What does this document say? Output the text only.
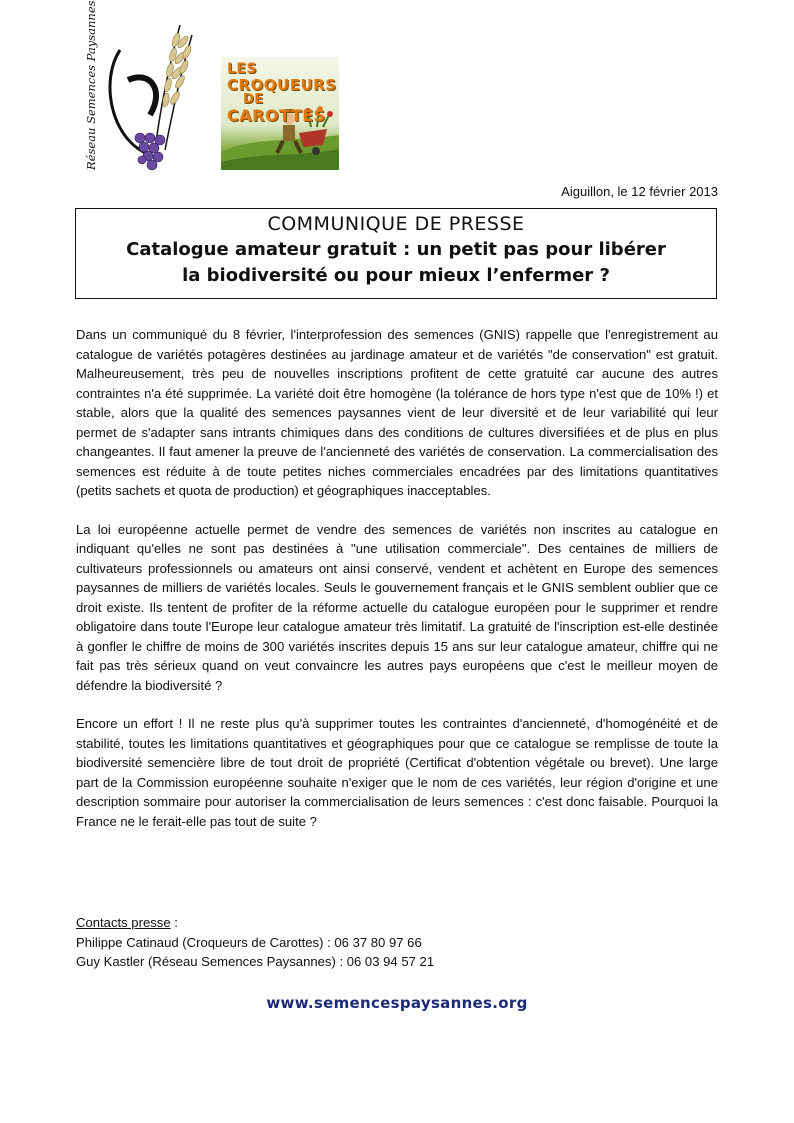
Réseau Semences Paysannes	LES
CROQUEURS
DE
CAROTTES
Aiguillon, le 12 février 2013
COMMUNIQUE DE PRESSE
Catalogue amateur gratuit : un petit pas pour libérer la biodiversité ou pour mieux l’enfermer ?

Dans un communiqué du 8 février, l'interprofession des semences (GNIS) rappelle que l'enregistrement au catalogue de variétés potagères destinées au jardinage amateur et de variétés "de conservation" est gratuit. Malheureusement, très peu de nouvelles inscriptions profitent de cette gratuité car aucune des autres contraintes n'a été supprimée. La variété doit être homogène (la tolérance de hors type n'est que de 10% !) et stable, alors que la qualité des semences paysannes vient de leur diversité et de leur variabilité qui leur permet de s'adapter sans intrants chimiques dans des conditions de cultures diversifiées et de plus en plus changeantes. Il faut amener la preuve de l'ancienneté des variétés de conservation. La commercialisation des semences est réduite à de toute petites niches commerciales encadrées par des limitations quantitatives (petits sachets et quota de production) et géographiques inacceptables.

La loi européenne actuelle permet de vendre des semences de variétés non inscrites au catalogue en indiquant qu'elles ne sont pas destinées à "une utilisation commerciale". Des centaines de milliers de cultivateurs professionnels ou amateurs ont ainsi conservé, vendent et achètent en Europe des semences paysannes de milliers de variétés locales. Seuls le gouvernement français et le GNIS semblent oublier que ce droit existe. Ils tentent de profiter de la réforme actuelle du catalogue européen pour le supprimer et rendre obligatoire dans toute l'Europe leur catalogue amateur très limitatif. La gratuité de l'inscription est-elle destinée à gonfler le chiffre de moins de 300 variétés inscrites depuis 15 ans sur leur catalogue amateur, chiffre qui ne fait pas très sérieux quand on veut convaincre les autres pays européens que c'est le meilleur moyen de défendre la biodiversité ?

Encore un effort ! Il ne reste plus qu'à supprimer toutes les contraintes d'ancienneté, d'homogénéité et de stabilité, toutes les limitations quantitatives et géographiques pour que ce catalogue se remplisse de toute la biodiversité semencière libre de tout droit de propriété (Certificat d'obtention végétale ou brevet). Une large part de la Commission européenne souhaite n'exiger que le nom de ces variétés, leur région d'origine et une description sommaire pour autoriser la commercialisation de leurs semences : c'est donc faisable. Pourquoi la France ne le ferait-elle pas tout de suite ?

Contacts presse :
Philippe Catinaud (Croqueurs de Carottes) : 06 37 80 97 66
Guy Kastler (Réseau Semences Paysannes) : 06 03 94 57 21
www.semencespaysannes.org
